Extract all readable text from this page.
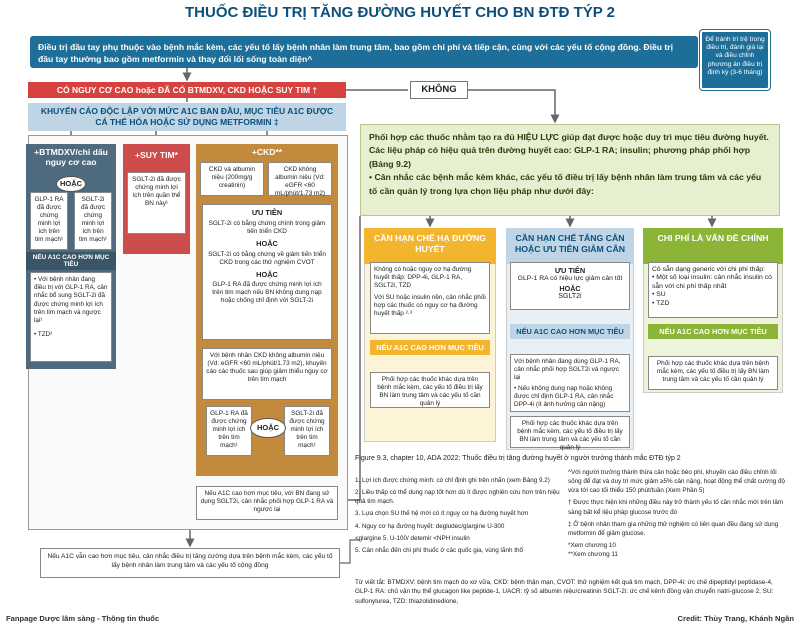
THUỐC ĐIỀU TRỊ TĂNG ĐƯỜNG HUYẾT CHO BN ĐTĐ TÝP 2
Điều trị đầu tay phụ thuộc vào bệnh mắc kèm, các yếu tố lấy bệnh nhân làm trung tâm, bao gồm chi phí và tiếp cận, cùng với các yếu tố cộng đồng. Điều trị đầu tay thường bao gồm metformin và thay đổi lối sống toàn diện^
Để tránh trì trệ trong điều trị, đánh giá lại và điều chỉnh phương án điều trị định kỳ (3-6 tháng)
CÓ NGUY CƠ CAO hoặc ĐÃ CÓ BTMDXV, CKD HOẶC SUY TIM †	KHÔNG
KHUYẾN CÁO ĐỘC LẬP VỚI MỨC A1C BAN ĐẦU, MỤC TIÊU A1C ĐƯỢC CÁ THỂ HÓA HOẶC SỬ DỤNG METFORMIN ‡
+BTMDXV/chỉ dấu nguy cơ cao
GLP-1 RA đã được chứng minh lợi ích trên tim mạch¹
SGLT-2i đã được chứng minh lợi ích trên tim mạch¹
HOẶC
NẾU A1C CAO HƠN MỤC TIÊU
• Với bệnh nhân đang điều trị với GLP-1 RA, cân nhắc bổ sung SGLT-2i đã được chứng minh lợi ích trên tim mạch và ngược lại¹
• TZD²
+SUY TIM*
SGLT-2i đã được chứng minh lợi ích trên quần thể BN này¹
+CKD**
CKD và albumin niệu (200mg/g creatinin)
CKD không albumin niệu (Vd: eGFR <60 mL/phút/1.73 m2)
ƯU TIÊN
SGLT-2i có bằng chứng chính trong giảm tiến triển CKD
HOẶC
SGLT-2i có bằng chứng về giảm tiến triển CKD trong các thử nghiệm CVOT
HOẶC
GLP-1 RA đã được chứng minh lợi ích trên tim mạch nếu BN không dung nạp hoặc chống chỉ định với SGLT-2i
Với bệnh nhân CKD không albumin niệu (Vd: eGFR <60 mL/phút/1.73 m2), khuyến cáo các thuốc sau giúp giảm thiểu nguy cơ trên tim mạch
GLP-1 RA đã được chứng minh lợi ích trên tim mạch¹
SGLT-2i đã được chứng minh lợi ích trên tim mạch¹
HOẶC
Nếu A1C cao hơn mục tiêu, với BN đang sử dụng SGLT2i, cân nhắc phối hợp GLP-1 RA và ngược lại
Nếu A1C vẫn cao hơn mục tiêu, cân nhắc điều trị tăng cường dựa trên bệnh mắc kèm, các yếu tố lấy bệnh nhân làm trung tâm và các yếu tố cộng đồng
Phối hợp các thuốc nhằm tạo ra đủ HIỆU LỰC giúp đạt được hoặc duy trì mục tiêu đường huyết.
Các liệu pháp có hiệu quả trên đường huyết cao: GLP-1 RA; insulin; phương pháp phối hợp (Bảng 9.2)
• Cân nhắc các bệnh mắc kèm khác, các yếu tố điều trị lấy bệnh nhân làm trung tâm và các yếu tố cần quản lý trong lựa chọn liệu pháp như dưới đây:
CẦN HẠN CHẾ HẠ ĐƯỜNG HUYẾT
Không có hoặc nguy cơ hạ đường huyết thấp: DPP-4i, GLP-1 RA, SGLT2i, TZD
Với SU hoặc insulin nền, cân nhắc phối hợp các thuốc có nguy cơ hạ đường huyết thấp ²·³
NẾU A1C CAO HƠN MỤC TIÊU
Phối hợp các thuốc khác dựa trên bệnh mắc kèm, các yếu tố điều trị lấy BN làm trung tâm và các yếu tố cần quản lý
CẦN HẠN CHẾ TĂNG CÂN HOẶC ƯU TIÊN GIẢM CÂN
ƯU TIÊN
GLP-1 RA có hiệu lực giảm cân tốt
HOẶC
SGLT2i
NẾU A1C CAO HƠN MỤC TIÊU
Với bệnh nhân đang dùng GLP-1 RA, cân nhắc phối hợp SGLT2i và ngược lại
• Nếu không dung nạp hoặc không được chỉ định GLP-1 RA, cân nhắc DPP-4i (ít ảnh hưởng cân nặng)
Phối hợp các thuốc khác dựa trên bệnh mắc kèm, các yếu tố điều trị lấy BN làm trung tâm và các yếu tố cần quản lý
CHI PHÍ LÀ VẤN ĐỀ CHÍNH
Cô sẵn dạng generic với chi phí thấp:
• Một số loại insulin: cân nhắc insulin có sẵn với chi phí thấp nhất
• SU
• TZD
NẾU A1C CAO HƠN MỤC TIÊU
Phối hợp các thuốc khác dựa trên bệnh mắc kèm, các yếu tố điều trị lấy BN làm trung tâm và các yếu tố cần quản lý
Figure 9.3, chapter 10, ADA 2022: Thuốc điều trị tăng đường huyết ở người trưởng thành mắc ĐTĐ týp 2
1. Lợi ích được chứng minh: có chỉ định ghi trên nhãn (xem Bảng 9.2)
2. Liều thấp có thể dung nạp tốt hơn dù ít được nghiên cứu hơn trên hiệu quả tim mạch.
3. Lựa chọn SU thế hệ mới có ít nguy cơ hạ đường huyết hơn
4. Nguy cơ hạ đường huyết: degludec/glargine U-300
<glargine 5. U-100/ detemir <NPH insulin
5. Cân nhắc đến chi phí thuốc ở các quốc gia, vùng lãnh thổ
^Với người trưởng thành thừa cân hoặc béo phì, khuyến cáo điều chỉnh lối sống để đạt và duy trì mức giảm ≥5% cân nặng, hoạt động thể chất cường độ vừa tới cao tối thiểu 150 phút/tuần (Xem Phần 5)
† Được thực hiện khi những điều này trở thành yếu tố cần nhắc mới trên lâm sàng bất kể liệu pháp glucose trước đó
‡ Ở bệnh nhân tham gia những thử nghiệm có liên quan đều đang sử dụng metformin để giảm glucose.
*Xem chương 10
**Xem chương 11
Từ viết tắt: BTMDXV: bệnh tim mạch do xơ vữa, CKD: bệnh thận mạn, CVOT: thử nghiệm kết quả tim mạch, DPP-4i: ức chế dipeptidyl peptidase-4, GLP-1 RA: chủ vận thụ thể glucagon like peptide-1, UACR: tỷ số albumin niệu/creatinin SGLT-2i: ức chế kênh đồng vận chuyển natri-glucose 2, SU: sulfonylurea, TZD: thiazolidinedione,
Fanpage Dược lâm sàng - Thông tin thuốc	Credit: Thùy Trang, Khánh Ngân
